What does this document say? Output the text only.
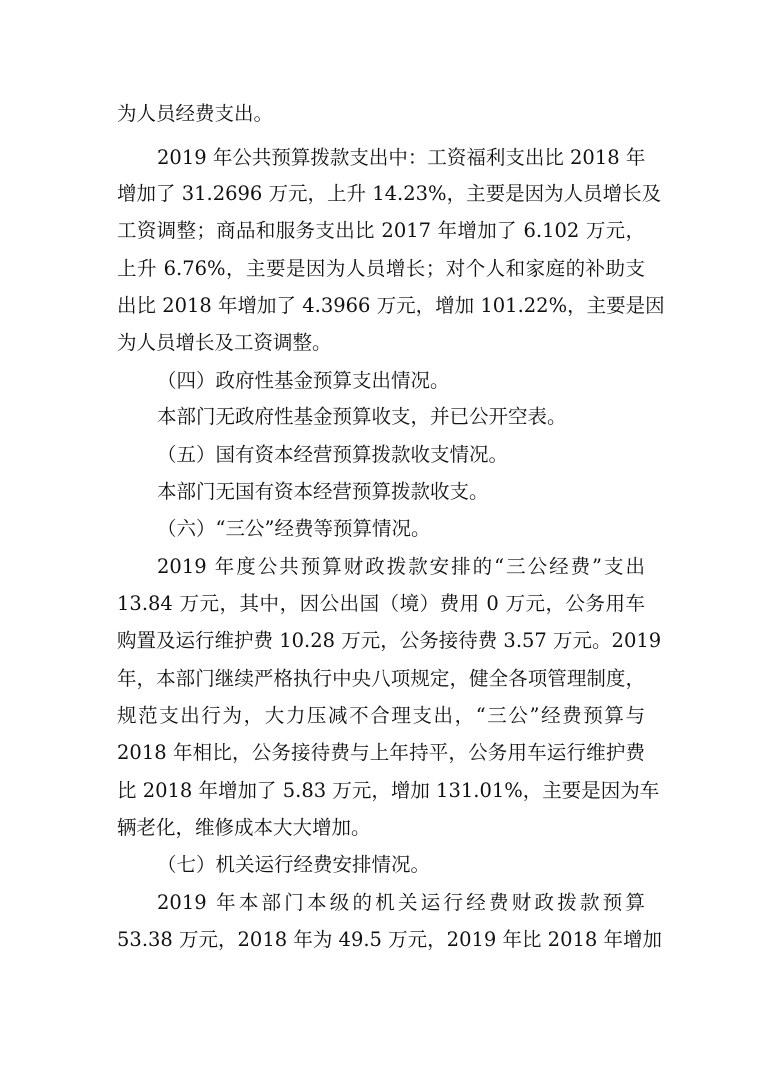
为人员经费支出。
2019 年公共预算拨款支出中：工资福利支出比 2018 年
增加了 31.2696 万元，上升 14.23%，主要是因为人员增长及
工资调整；商品和服务支出比 2017 年增加了 6.102 万元，
上升 6.76%，主要是因为人员增长；对个人和家庭的补助支
出比 2018 年增加了 4.3966 万元，增加 101.22%，主要是因
为人员增长及工资调整。
（四）政府性基金预算支出情况。
本部门无政府性基金预算收支，并已公开空表。
（五）国有资本经营预算拨款收支情况。
本部门无国有资本经营预算拨款收支。
（六）“三公”经费等预算情况。
2019 年度公共预算财政拨款安排的“三公经费”支出
13.84 万元，其中，因公出国（境）费用 0 万元，公务用车
购置及运行维护费 10.28 万元，公务接待费 3.57 万元。2019
年，本部门继续严格执行中央八项规定，健全各项管理制度，
规范支出行为，大力压减不合理支出，“三公”经费预算与
2018 年相比，公务接待费与上年持平，公务用车运行维护费
比 2018 年增加了 5.83 万元，增加 131.01%，主要是因为车
辆老化，维修成本大大增加。
（七）机关运行经费安排情况。
2019 年本部门本级的机关运行经费财政拨款预算
53.38 万元，2018 年为 49.5 万元，2019 年比 2018 年增加
